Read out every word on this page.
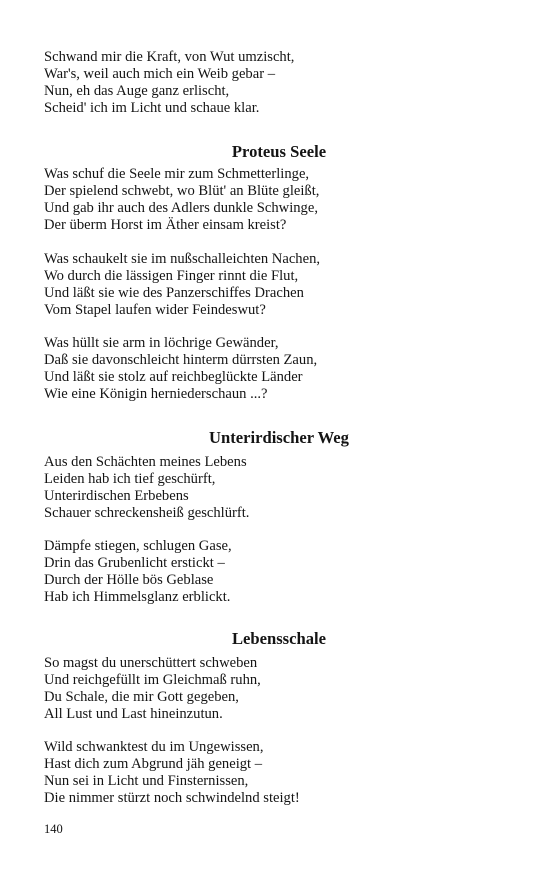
Schwand mir die Kraft, von Wut umzischt,
War's, weil auch mich ein Weib gebar –
Nun, eh das Auge ganz erlischt,
Scheid' ich im Licht und schaue klar.
Proteus Seele
Was schuf die Seele mir zum Schmetterlinge,
Der spielend schwebt, wo Blüt' an Blüte gleißt,
Und gab ihr auch des Adlers dunkle Schwinge,
Der überm Horst im Äther einsam kreist?
Was schaukelt sie im nußschalleichten Nachen,
Wo durch die lässigen Finger rinnt die Flut,
Und läßt sie wie des Panzerschiffes Drachen
Vom Stapel laufen wider Feindeswut?
Was hüllt sie arm in löchrige Gewänder,
Daß sie davonschleicht hinterm dürrsten Zaun,
Und läßt sie stolz auf reichbeglückte Länder
Wie eine Königin herniederschaun ...?
Unterirdischer Weg
Aus den Schächten meines Lebens
Leiden hab ich tief geschürft,
Unterirdischen Erbebens
Schauer schreckensheiß geschlürft.
Dämpfe stiegen, schlugen Gase,
Drin das Grubenlicht erstickt –
Durch der Hölle bös Geblase
Hab ich Himmelsglanz erblickt.
Lebensschale
So magst du unerschüttert schweben
Und reichgefüllt im Gleichmaß ruhn,
Du Schale, die mir Gott gegeben,
All Lust und Last hineinzutun.
Wild schwanktest du im Ungewissen,
Hast dich zum Abgrund jäh geneigt –
Nun sei in Licht und Finsternissen,
Die nimmer stürzt noch schwindelnd steigt!
140
